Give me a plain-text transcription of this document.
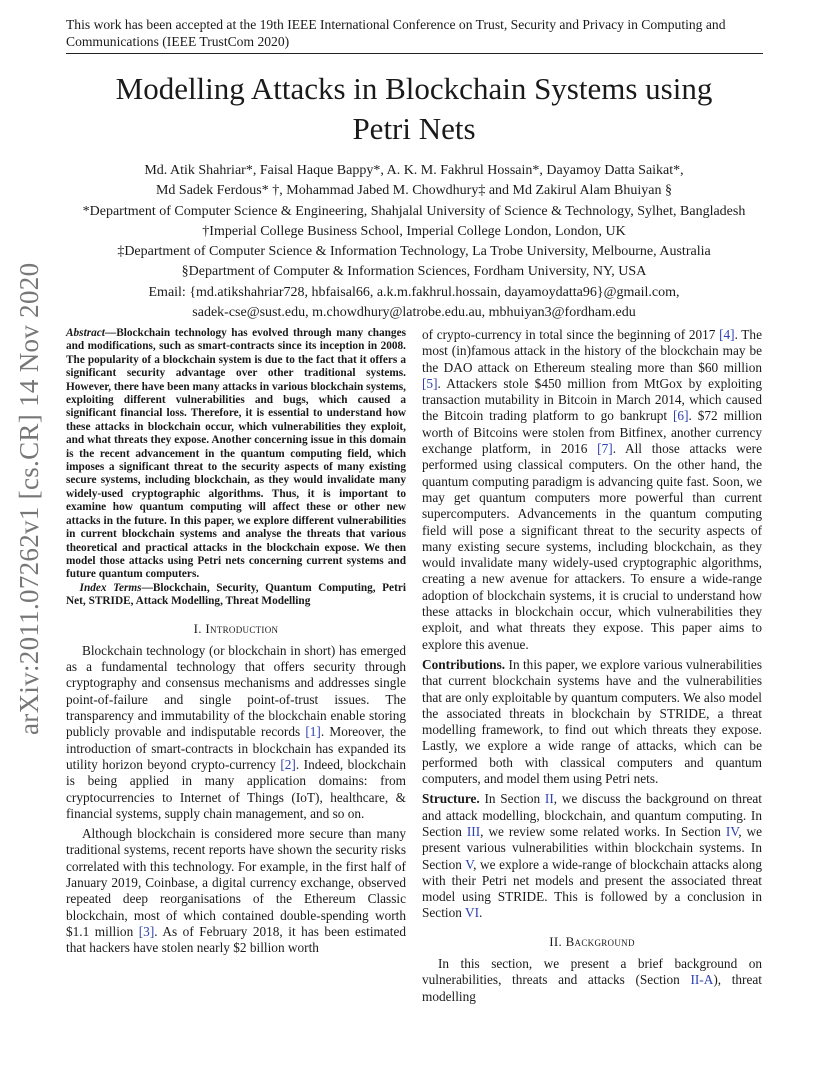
This work has been accepted at the 19th IEEE International Conference on Trust, Security and Privacy in Computing and Communications (IEEE TrustCom 2020)
Modelling Attacks in Blockchain Systems using
Petri Nets
Md. Atik Shahriar*, Faisal Haque Bappy*, A. K. M. Fakhrul Hossain*, Dayamoy Datta Saikat*,
Md Sadek Ferdous* †, Mohammad Jabed M. Chowdhury‡ and Md Zakirul Alam Bhuiyan §
*Department of Computer Science & Engineering, Shahjalal University of Science & Technology, Sylhet, Bangladesh
†Imperial College Business School, Imperial College London, London, UK
‡Department of Computer Science & Information Technology, La Trobe University, Melbourne, Australia
§Department of Computer & Information Sciences, Fordham University, NY, USA
Email: {md.atikshahriar728, hbfaisal66, a.k.m.fakhrul.hossain, dayamoydatta96}@gmail.com,
sadek-cse@sust.edu, m.chowdhury@latrobe.edu.au, mbhuiyan3@fordham.edu
arXiv:2011.07262v1 [cs.CR] 14 Nov 2020 Abstract—Blockchain technology has evolved through many changes and modifications, such as smart-contracts since its inception in 2008. The popularity of a blockchain system is due to the fact that it offers a significant security advantage over other traditional systems. However, there have been many attacks in various blockchain systems, exploiting different vulnerabilities and bugs, which caused a significant financial loss. Therefore, it is essential to understand how these attacks in blockchain occur, which vulnerabilities they exploit, and what threats they expose. Another concerning issue in this domain is the recent advancement in the quantum computing field, which imposes a significant threat to the security aspects of many existing secure systems, including blockchain, as they would invalidate many widely-used cryptographic algorithms. Thus, it is important to examine how quantum computing will affect these or other new attacks in the future. In this paper, we explore different vulnerabilities in current blockchain systems and analyse the threats that various theoretical and practical attacks in the blockchain expose. We then model those attacks using Petri nets concerning current systems and future quantum computers.

Index Terms—Blockchain, Security, Quantum Computing, Petri Net, STRIDE, Attack Modelling, Threat Modelling

I. Introduction

Blockchain technology (or blockchain in short) has emerged as a fundamental technology that offers security through cryptography and consensus mechanisms and addresses single point-of-failure and single point-of-trust issues. The transparency and immutability of the blockchain enable storing publicly provable and indisputable records [1]. Moreover, the introduction of smart-contracts in blockchain has expanded its utility horizon beyond crypto-currency [2]. Indeed, blockchain is being applied in many application domains: from cryptocurrencies to Internet of Things (IoT), healthcare, & financial systems, supply chain management, and so on.

Although blockchain is considered more secure than many traditional systems, recent reports have shown the security risks correlated with this technology. For example, in the first half of January 2019, Coinbase, a digital currency exchange, observed repeated deep reorganisations of the Ethereum Classic blockchain, most of which contained double-spending worth $1.1 million [3]. As of February 2018, it has been estimated that hackers have stolen nearly $2 billion worth

of crypto-currency in total since the beginning of 2017 [4]. The most (in)famous attack in the history of the blockchain may be the DAO attack on Ethereum stealing more than $60 million [5]. Attackers stole $450 million from MtGox by exploiting transaction mutability in Bitcoin in March 2014, which caused the Bitcoin trading platform to go bankrupt [6]. $72 million worth of Bitcoins were stolen from Bitfinex, another currency exchange platform, in 2016 [7]. All those attacks were performed using classical computers. On the other hand, the quantum computing paradigm is advancing quite fast. Soon, we may get quantum computers more powerful than current supercomputers. Advancements in the quantum computing field will pose a significant threat to the security aspects of many existing secure systems, including blockchain, as they would invalidate many widely-used cryptographic algorithms, creating a new avenue for attackers. To ensure a wide-range adoption of blockchain systems, it is crucial to understand how these attacks in blockchain occur, which vulnerabilities they exploit, and what threats they expose. This paper aims to explore this avenue.

Contributions. In this paper, we explore various vulnerabilities that current blockchain systems have and the vulnerabilities that are only exploitable by quantum computers. We also model the associated threats in blockchain by STRIDE, a threat modelling framework, to find out which threats they expose. Lastly, we explore a wide range of attacks, which can be performed both with classical computers and quantum computers, and model them using Petri nets.

Structure. In Section II, we discuss the background on threat and attack modelling, blockchain, and quantum computing. In Section III, we review some related works. In Section IV, we present various vulnerabilities within blockchain systems. In Section V, we explore a wide-range of blockchain attacks along with their Petri net models and present the associated threat model using STRIDE. This is followed by a conclusion in Section VI.

II. Background

In this section, we present a brief background on vulnerabilities, threats and attacks (Section II-A), threat modelling
